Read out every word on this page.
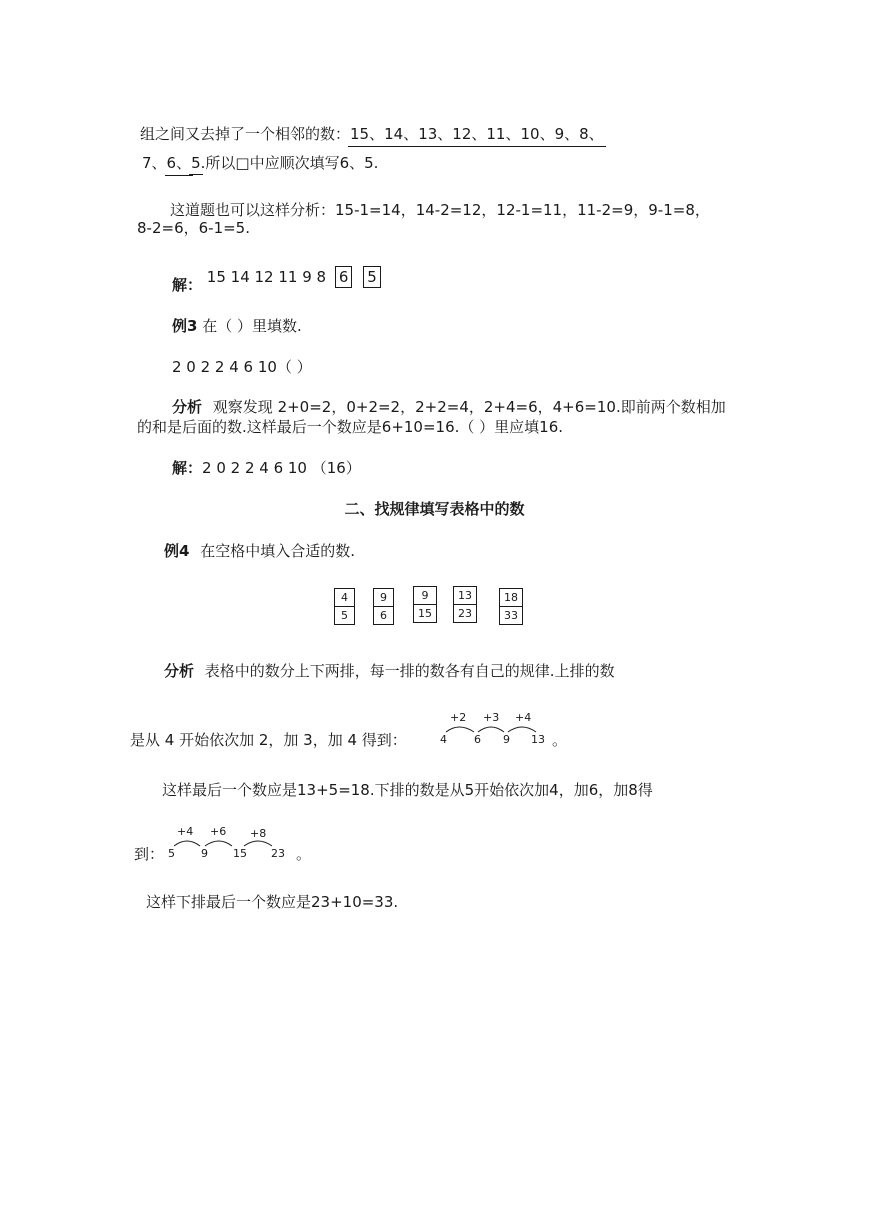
组之间又去掉了一个相邻的数：15、14、13、12、11、10、9、8、
7、6、5.所以□中应顺次填写6、5.
这道题也可以这样分析：15-1=14，14-2=12，12-1=11，11-2=9，9-1=8，
8-2=6，6-1=5.
解： 15 14 12 11 9 8 6 5
例3 在（ ）里填数.
2 0 2 2 4 6 10（ ）
分析 观察发现 2+0=2，0+2=2，2+2=4，2+4=6，4+6=10.即前两个数相加
的和是后面的数.这样最后一个数应是6+10=16.（ ）里应填16.
解：2 0 2 2 4 6 10 （16）
二、找规律填写表格中的数
例4 在空格中填入合适的数.
4
5
9
6
9
15
13
23
18
33
分析 表格中的数分上下两排，每一排的数各有自己的规律.上排的数
是从 4 开始依次加 2，加 3，加 4 得到：	4 6 9 13
+2 +3 +4
。
这样最后一个数应是13+5=18.下排的数是从5开始依次加4，加6，加8得
到： 5 9 15 23
+4 +6 +8
。
这样下排最后一个数应是23+10=33.
